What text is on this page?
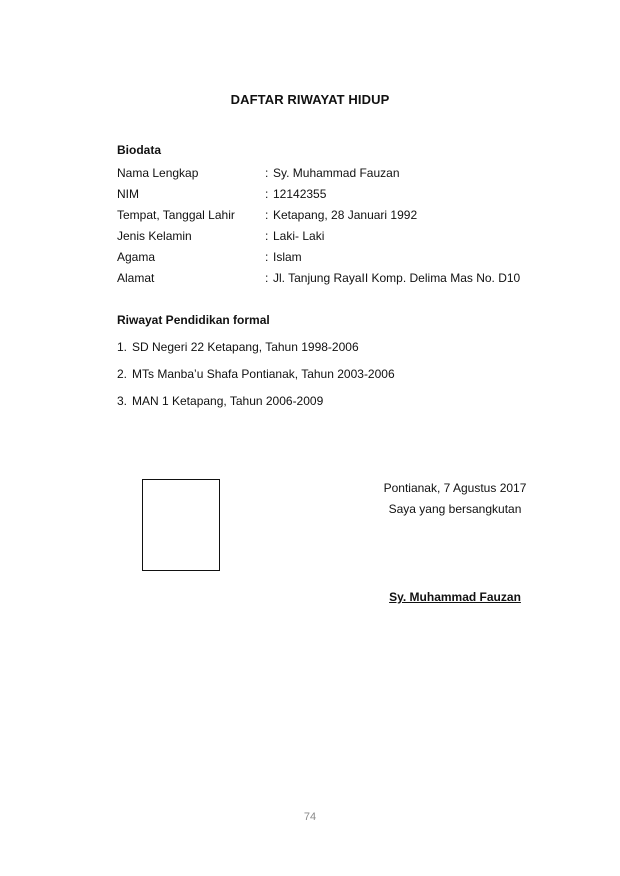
DAFTAR RIWAYAT HIDUP
Biodata
Nama Lengkap	: Sy. Muhammad Fauzan
NIM	: 12142355
Tempat, Tanggal Lahir	: Ketapang, 28 Januari 1992
Jenis Kelamin	: Laki- Laki
Agama	: Islam
Alamat	: Jl. Tanjung RayaII Komp. Delima Mas No. D10
Riwayat Pendidikan formal
1. SD Negeri 22 Ketapang, Tahun 1998-2006
2. MTs Manba’u Shafa Pontianak, Tahun 2003-2006
3. MAN 1 Ketapang, Tahun 2006-2009
Pontianak, 7 Agustus 2017
Saya yang bersangkutan
Sy. Muhammad Fauzan
74
